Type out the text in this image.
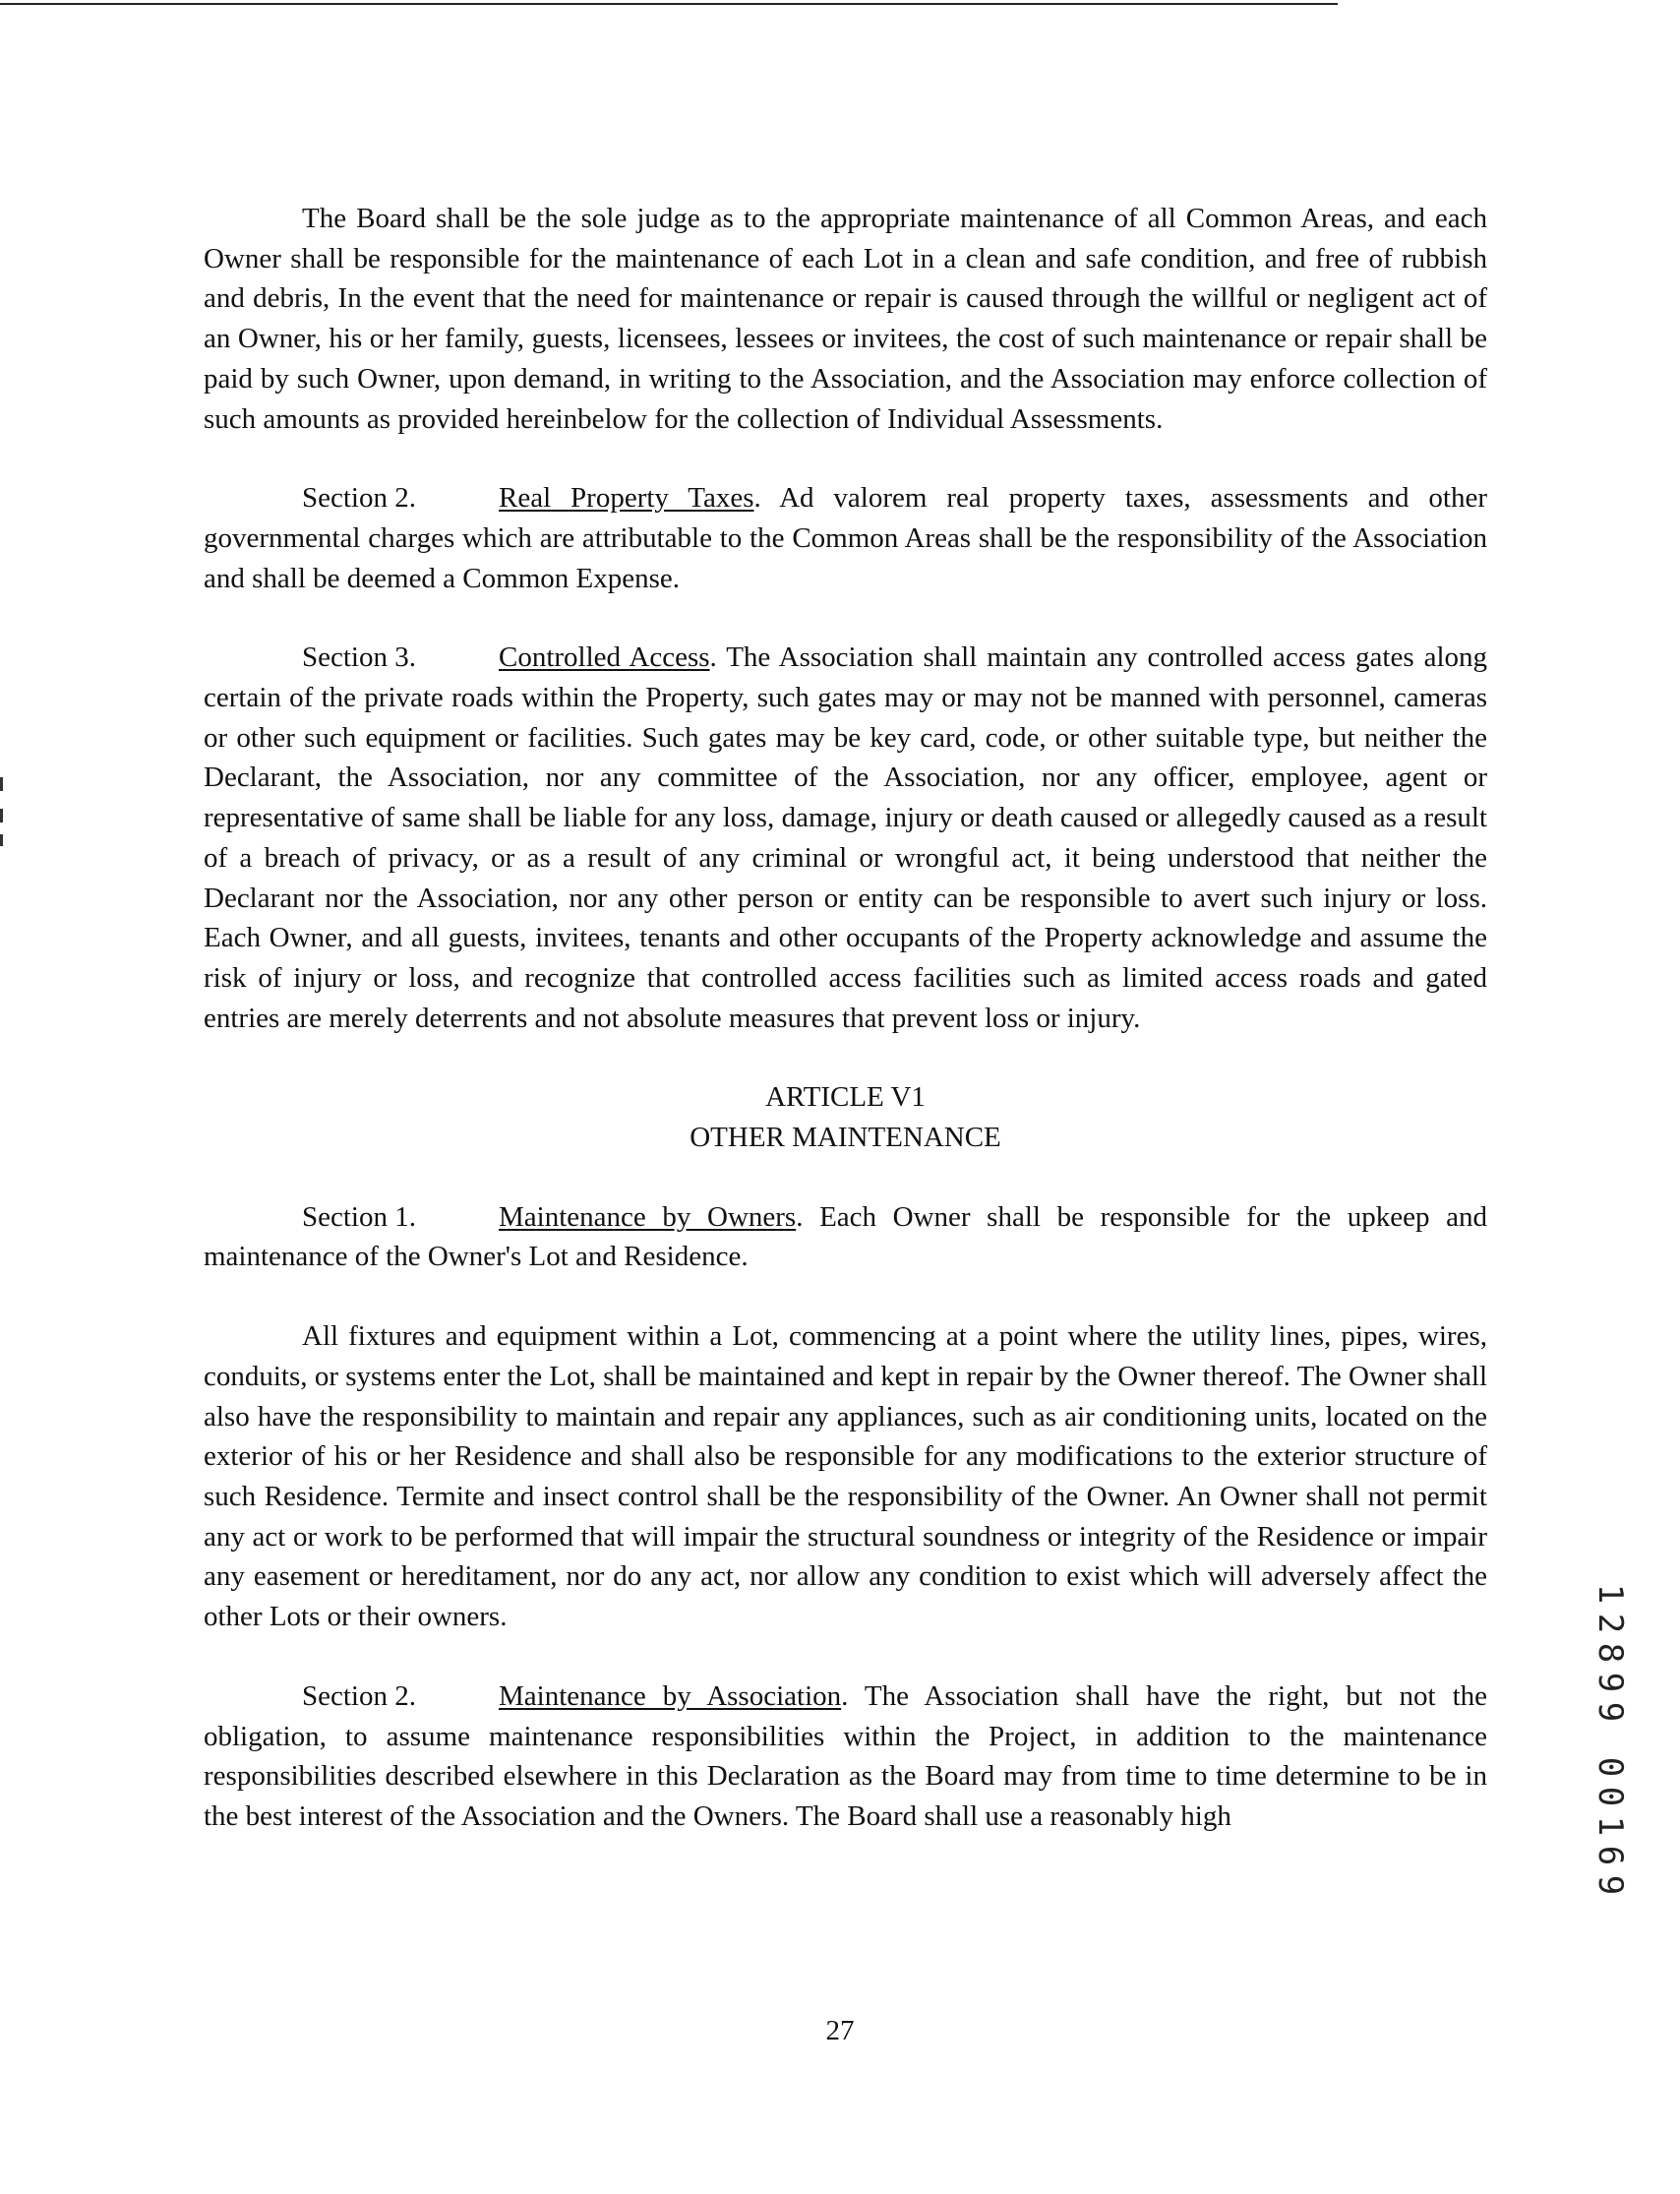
The Board shall be the sole judge as to the appropriate maintenance of all Common Areas, and each Owner shall be responsible for the maintenance of each Lot in a clean and safe condition, and free of rubbish and debris, In the event that the need for maintenance or repair is caused through the willful or negligent act of an Owner, his or her family, guests, licensees, lessees or invitees, the cost of such maintenance or repair shall be paid by such Owner, upon demand, in writing to the Association, and the Association may enforce collection of such amounts as provided hereinbelow for the collection of Individual Assessments.

Section 2.	Real Property Taxes. Ad valorem real property taxes, assessments and other governmental charges which are attributable to the Common Areas shall be the responsibility of the Association and shall be deemed a Common Expense.

Section 3.	Controlled Access. The Association shall maintain any controlled access gates along certain of the private roads within the Property, such gates may or may not be manned with personnel, cameras or other such equipment or facilities. Such gates may be key card, code, or other suitable type, but neither the Declarant, the Association, nor any committee of the Association, nor any officer, employee, agent or representative of same shall be liable for any loss, damage, injury or death caused or allegedly caused as a result of a breach of privacy, or as a result of any criminal or wrongful act, it being understood that neither the Declarant nor the Association, nor any other person or entity can be responsible to avert such injury or loss. Each Owner, and all guests, invitees, tenants and other occupants of the Property acknowledge and assume the risk of injury or loss, and recognize that controlled access facilities such as limited access roads and gated entries are merely deterrents and not absolute measures that prevent loss or injury.

ARTICLE V1
OTHER MAINTENANCE

Section 1.	Maintenance by Owners. Each Owner shall be responsible for the upkeep and maintenance of the Owner's Lot and Residence.

All fixtures and equipment within a Lot, commencing at a point where the utility lines, pipes, wires, conduits, or systems enter the Lot, shall be maintained and kept in repair by the Owner thereof. The Owner shall also have the responsibility to maintain and repair any appliances, such as air conditioning units, located on the exterior of his or her Residence and shall also be responsible for any modifications to the exterior structure of such Residence. Termite and insect control shall be the responsibility of the Owner. An Owner shall not permit any act or work to be performed that will impair the structural soundness or integrity of the Residence or impair any easement or hereditament, nor do any act, nor allow any condition to exist which will adversely affect the other Lots or their owners.

Section 2.	Maintenance by Association. The Association shall have the right, but not the obligation, to assume maintenance responsibilities within the Project, in addition to the maintenance responsibilities described elsewhere in this Declaration as the Board may from time to time determine to be in the best interest of the Association and the Owners. The Board shall use a reasonably high

27
1
2
8
9
9
0
0
1
6
9
